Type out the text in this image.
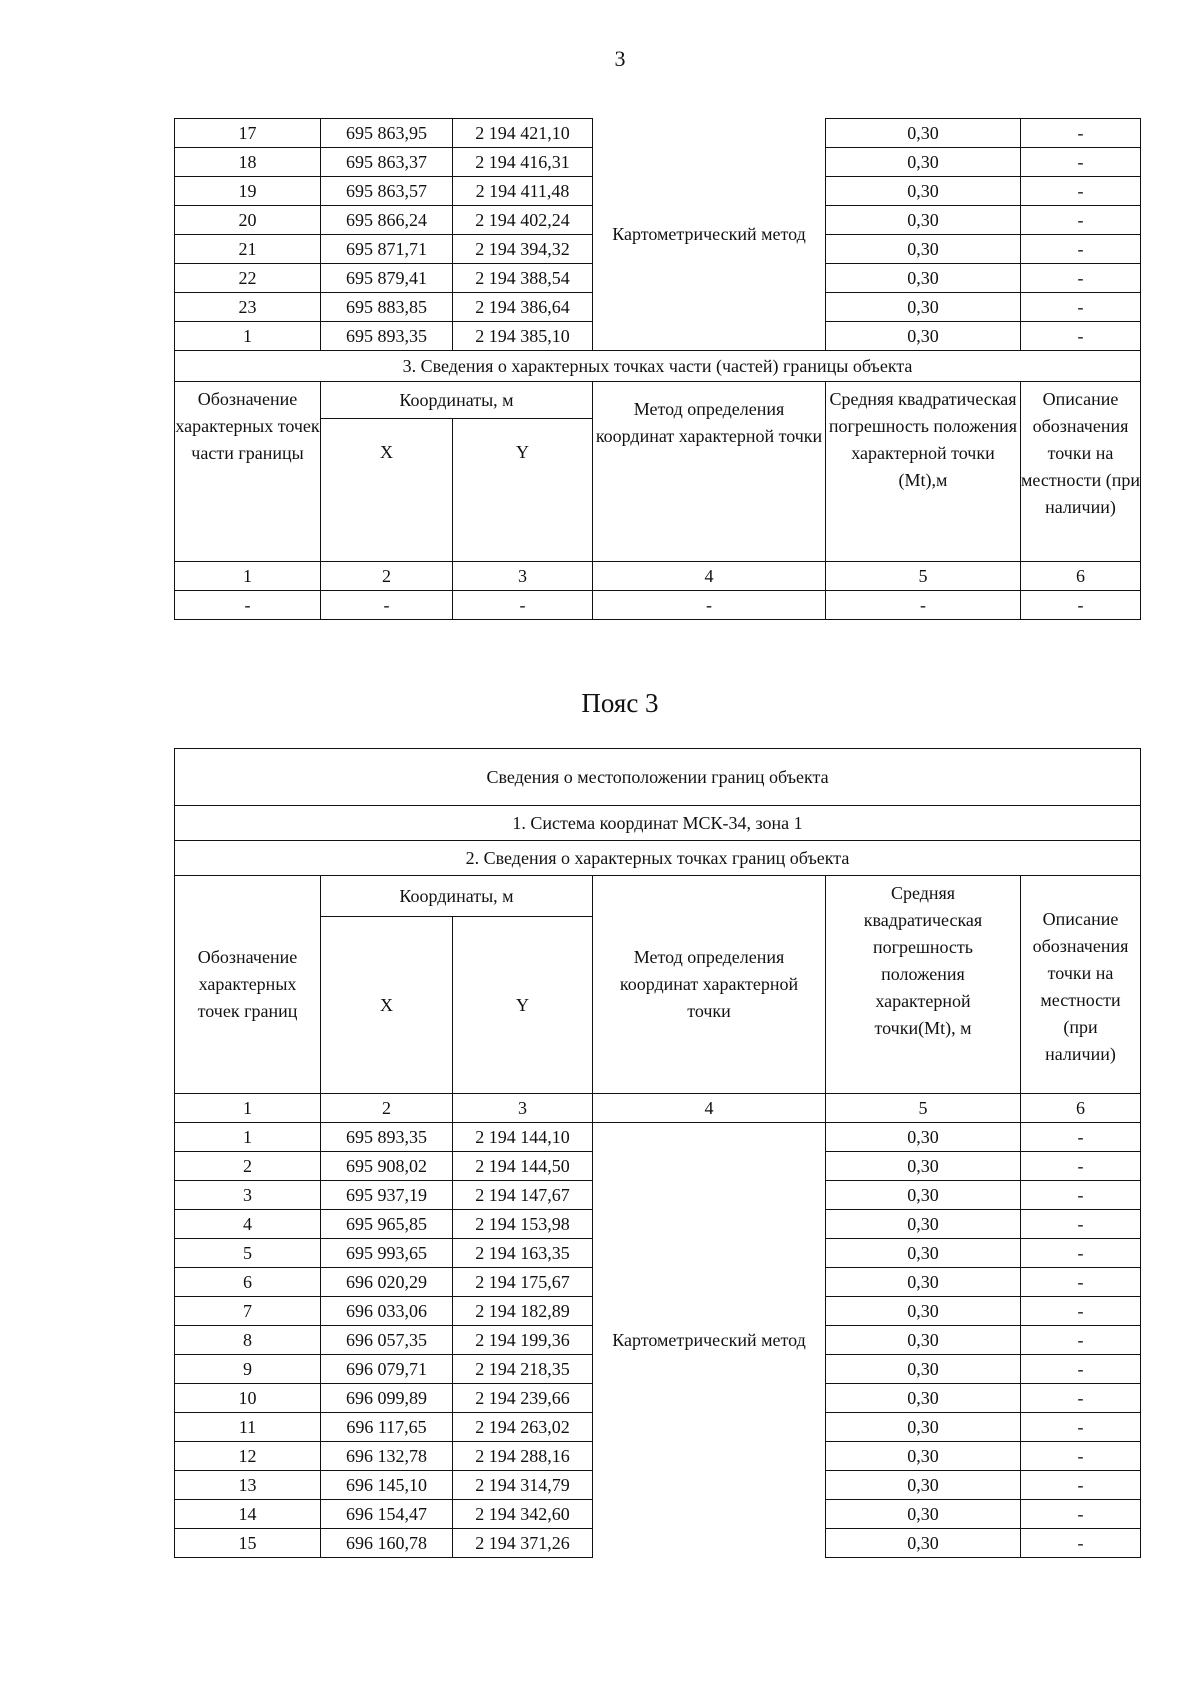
3
17	695 863,95	2 194 421,10	Картометрический метод	0,30	-
18	695 863,37	2 194 416,31		0,30	-
19	695 863,57	2 194 411,48		0,30	-
20	695 866,24	2 194 402,24		0,30	-
21	695 871,71	2 194 394,32		0,30	-
22	695 879,41	2 194 388,54		0,30	-
23	695 883,85	2 194 386,64		0,30	-
1	695 893,35	2 194 385,10		0,30	-
3. Сведения о характерных точках части (частей) границы объекта					
Обозначение характерных точек части границы	Координаты, м		Метод определения координат характерной точки	Средняя квадратическая погрешность положения характерной точки (Mt),м	Описание обозначения точки на местности (при наличии)
	X	Y			
1	2	3	4	5	6
-	-	-	-	-	-
Пояс 3
Сведения о местоположении границ объекта					
1. Система координат МСК-34, зона 1					
2. Сведения о характерных точках границ объекта					
Обозначение характерных точек границ	Координаты, м		Метод определения координат характерной точки	Средняя квадратическая погрешность положения характерной точки(Mt), м	Описание обозначения точки на местности (при наличии)
	X	Y			
1	2	3	4	5	6
1	695 893,35	2 194 144,10	Картометрический метод	0,30	-
2	695 908,02	2 194 144,50		0,30	-
3	695 937,19	2 194 147,67		0,30	-
4	695 965,85	2 194 153,98		0,30	-
5	695 993,65	2 194 163,35		0,30	-
6	696 020,29	2 194 175,67		0,30	-
7	696 033,06	2 194 182,89		0,30	-
8	696 057,35	2 194 199,36		0,30	-
9	696 079,71	2 194 218,35		0,30	-
10	696 099,89	2 194 239,66		0,30	-
11	696 117,65	2 194 263,02		0,30	-
12	696 132,78	2 194 288,16		0,30	-
13	696 145,10	2 194 314,79		0,30	-
14	696 154,47	2 194 342,60		0,30	-
15	696 160,78	2 194 371,26		0,30	-
